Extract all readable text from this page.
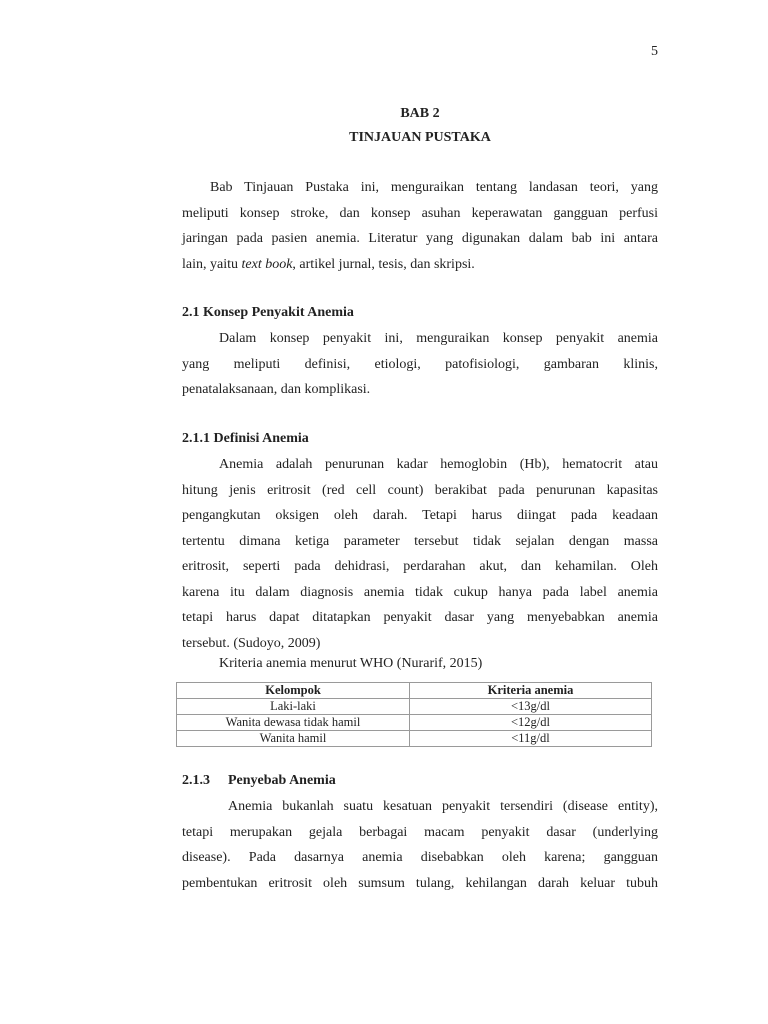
5
BAB 2
TINJAUAN PUSTAKA

Bab Tinjauan Pustaka ini, menguraikan tentang landasan teori, yang
meliputi konsep stroke, dan konsep asuhan keperawatan gangguan perfusi
jaringan pada pasien anemia. Literatur yang digunakan dalam bab ini antara
lain, yaitu text book, artikel jurnal, tesis, dan skripsi.

2.1 Konsep Penyakit Anemia

Dalam konsep penyakit ini, menguraikan konsep penyakit anemia
yang meliputi definisi, etiologi, patofisiologi, gambaran klinis,
penatalaksanaan, dan komplikasi.

2.1.1 Definisi Anemia

Anemia adalah penurunan kadar hemoglobin (Hb), hematocrit atau
hitung jenis eritrosit (red cell count) berakibat pada penurunan kapasitas
pengangkutan oksigen oleh darah. Tetapi harus diingat pada keadaan
tertentu dimana ketiga parameter tersebut tidak sejalan dengan massa
eritrosit, seperti pada dehidrasi, perdarahan akut, dan kehamilan. Oleh
karena itu dalam diagnosis anemia tidak cukup hanya pada label anemia
tetapi harus dapat ditatapkan penyakit dasar yang menyebabkan anemia
tersebut. (Sudoyo, 2009)

Kriteria anemia menurut WHO (Nurarif, 2015)
Kelompok	Kriteria anemia
Laki-laki	<13g/dl
Wanita dewasa tidak hamil	<12g/dl
Wanita hamil	<11g/dl
2.1.3 Penyebab Anemia

Anemia bukanlah suatu kesatuan penyakit tersendiri (disease entity),
tetapi merupakan gejala berbagai macam penyakit dasar (underlying
disease). Pada dasarnya anemia disebabkan oleh karena; gangguan
pembentukan eritrosit oleh sumsum tulang, kehilangan darah keluar tubuh
